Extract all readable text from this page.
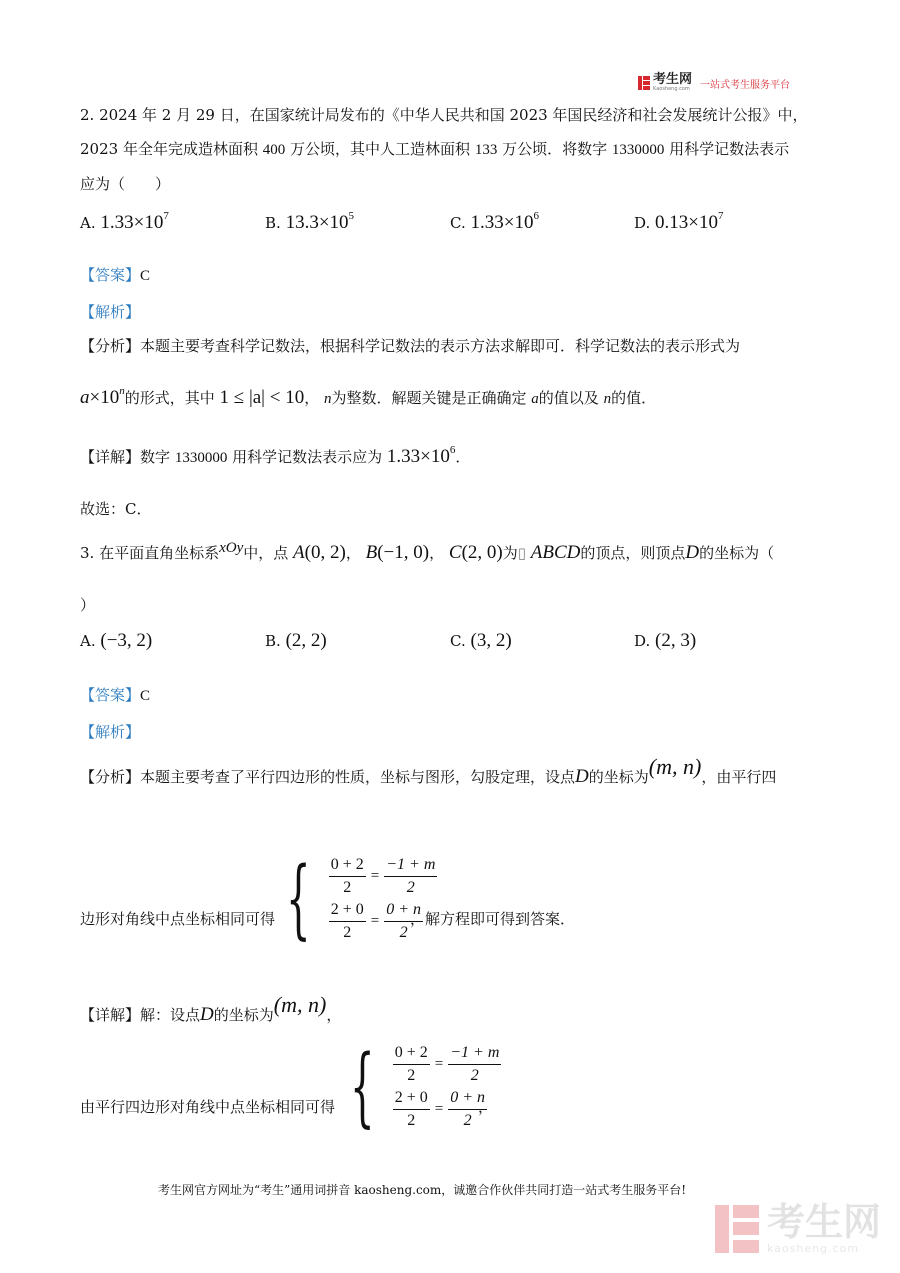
考生网
Kaosheng.com 一站式考生服务平台
2. 2024 年 2 月 29 日，在国家统计局发布的《中华人民共和国 2023 年国民经济和社会发展统计公报》中，
2023 年全年完成造林面积 400 万公顷，其中人工造林面积 133 万公顷．将数字 1330000 用科学记数法表示
应为（　　）
A. $1.33\times 10^7$	B. $13.3\times 10^5$	C. $1.33\times 10^6$	D. $0.13\times 10^7$
【答案】C
【解析】
【分析】本题主要考查科学记数法，根据科学记数法的表示方法求解即可．科学记数法的表示形式为
$a\times 10^n$的形式，其中 1 ≤ |a| < 10， n为整数．解题关键是正确确定 a的值以及 n的值．
【详解】数字 1330000 用科学记数法表示应为 $1.33\times 10^6$．
故选：C．
3. 在平面直角坐标系xOy中，点 A(0, 2)， B(−1, 0)， C(2, 0)为▯ ABCD的顶点，则顶点D的坐标为（
）
A. (−3, 2)	B. (2, 2)	C. (3, 2)	D. (2, 3)
【答案】C
【解析】
【分析】本题主要考查了平行四边形的性质，坐标与图形，勾股定理，设点D的坐标为(m, n)，由平行四
边形对角线中点坐标相同可得 { $\frac{0 + 2}{2} = \frac{-1 + m}{2}$
$\frac{2 + 0}{2} = \frac{0 + n}{2}$
，解方程即可得到答案．
【详解】解：设点D的坐标为(m, n)，
由平行四边形对角线中点坐标相同可得 { $\frac{0 + 2}{2} = \frac{-1 + m}{2}$
$\frac{2 + 0}{2} = \frac{0 + n}{2}$
，
考生网官方网址为“考生”通用词拼音 kaosheng.com，诚邀合作伙伴共同打造一站式考生服务平台!
考生网
kaosheng.com
